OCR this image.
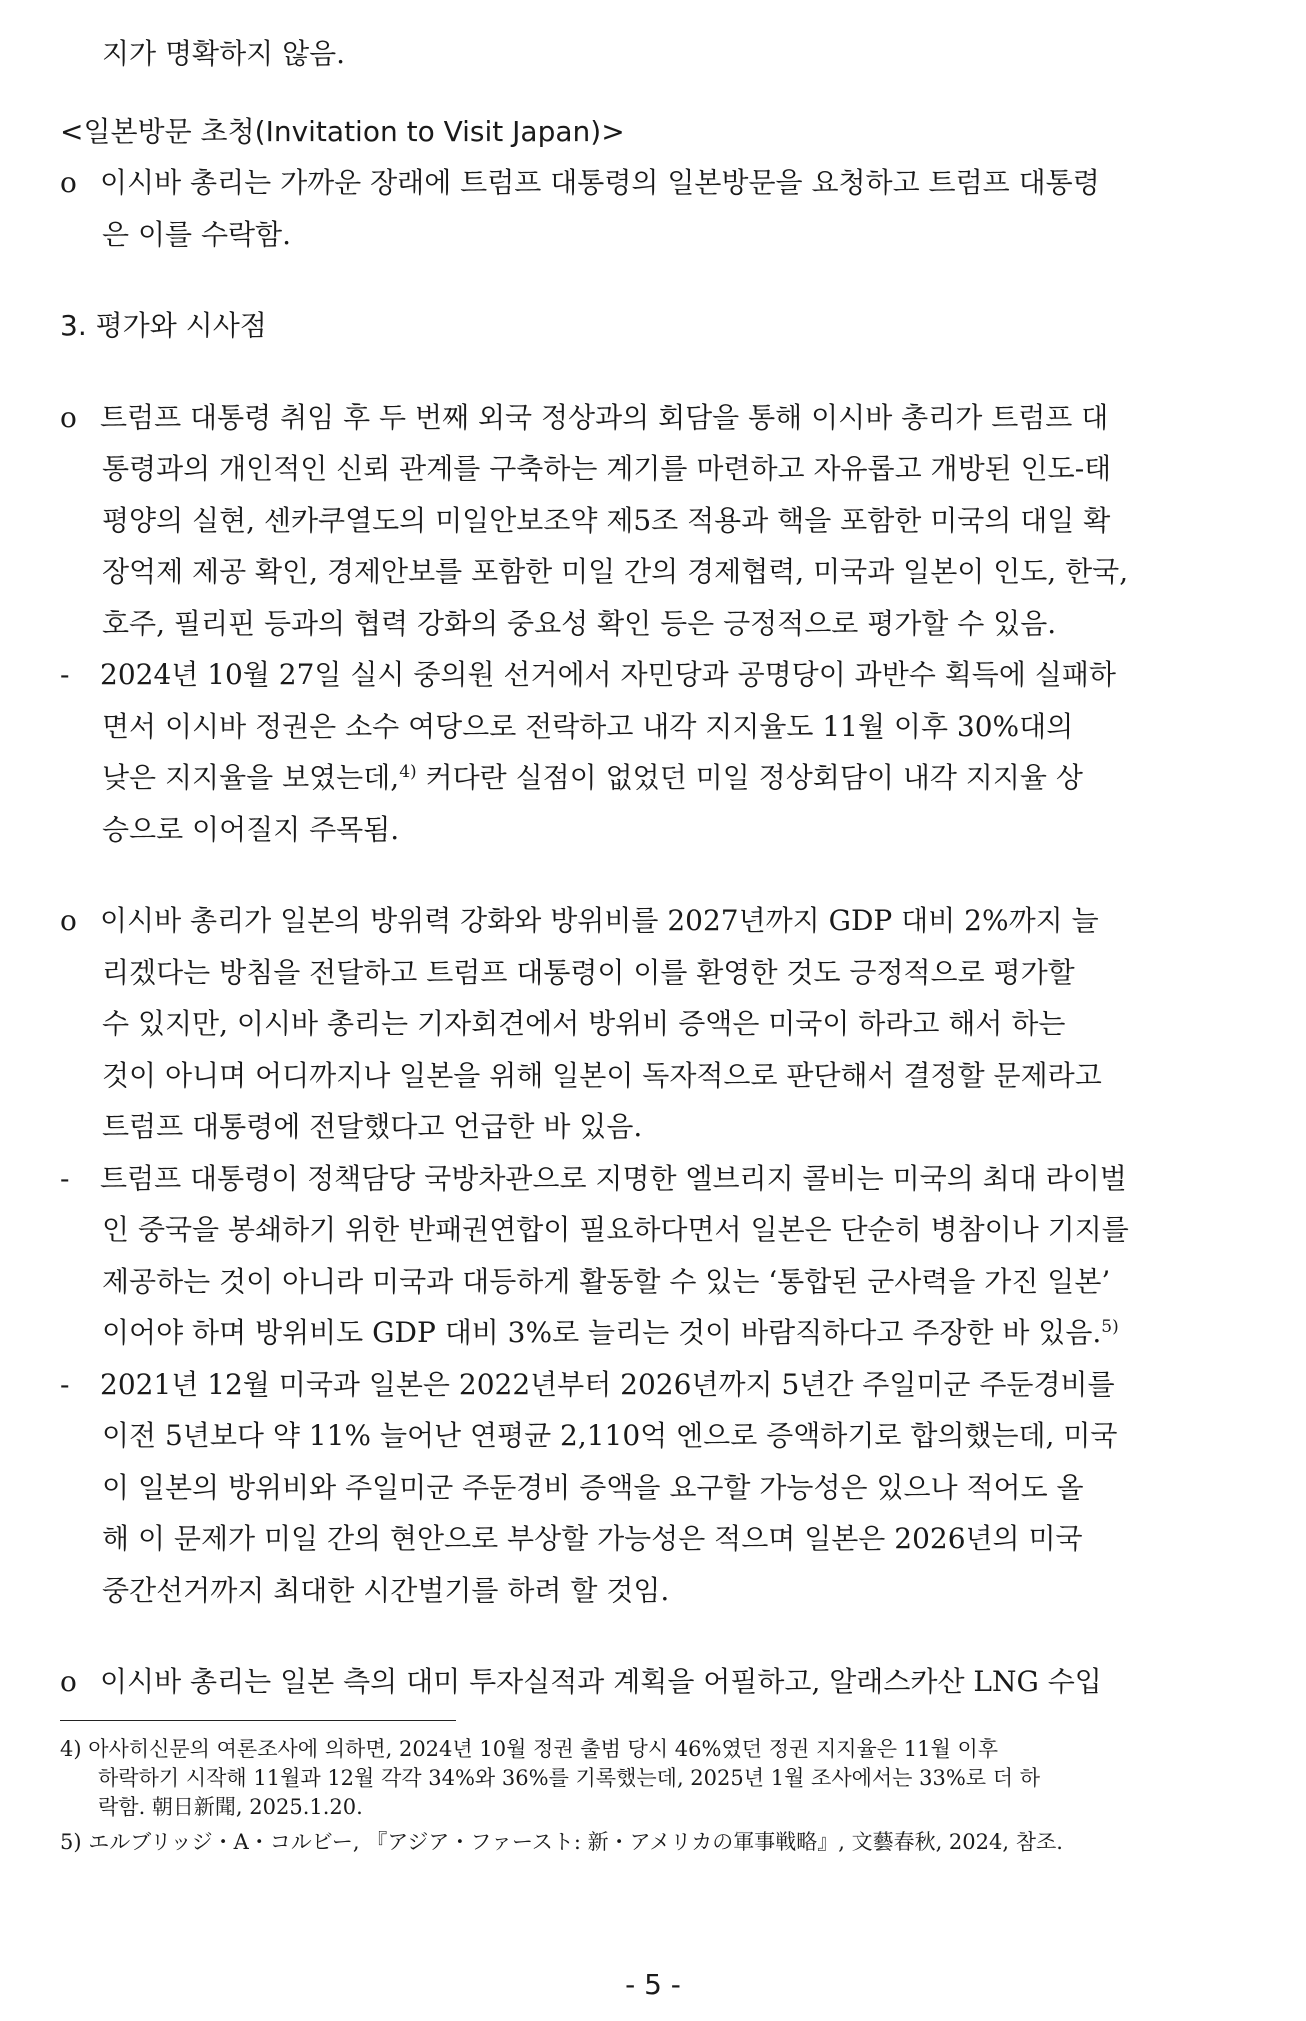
지가 명확하지 않음.
<일본방문 초청(Invitation to Visit Japan)>
o 이시바 총리는 가까운 장래에 트럼프 대통령의 일본방문을 요청하고 트럼프 대통령
은 이를 수락함.
3. 평가와 시사점
o 트럼프 대통령 취임 후 두 번째 외국 정상과의 회담을 통해 이시바 총리가 트럼프 대
통령과의 개인적인 신뢰 관계를 구축하는 계기를 마련하고 자유롭고 개방된 인도-태
평양의 실현, 센카쿠열도의 미일안보조약 제5조 적용과 핵을 포함한 미국의 대일 확
장억제 제공 확인, 경제안보를 포함한 미일 간의 경제협력, 미국과 일본이 인도, 한국,
호주, 필리핀 등과의 협력 강화의 중요성 확인 등은 긍정적으로 평가할 수 있음.
- 2024년 10월 27일 실시 중의원 선거에서 자민당과 공명당이 과반수 획득에 실패하
면서 이시바 정권은 소수 여당으로 전락하고 내각 지지율도 11월 이후 30%대의
낮은 지지율을 보였는데,$^{4)}$ 커다란 실점이 없었던 미일 정상회담이 내각 지지율 상
승으로 이어질지 주목됨.
o 이시바 총리가 일본의 방위력 강화와 방위비를 2027년까지 GDP 대비 2%까지 늘
리겠다는 방침을 전달하고 트럼프 대통령이 이를 환영한 것도 긍정적으로 평가할
수 있지만, 이시바 총리는 기자회견에서 방위비 증액은 미국이 하라고 해서 하는
것이 아니며 어디까지나 일본을 위해 일본이 독자적으로 판단해서 결정할 문제라고
트럼프 대통령에 전달했다고 언급한 바 있음.
- 트럼프 대통령이 정책담당 국방차관으로 지명한 엘브리지 콜비는 미국의 최대 라이벌
인 중국을 봉쇄하기 위한 반패권연합이 필요하다면서 일본은 단순히 병참이나 기지를
제공하는 것이 아니라 미국과 대등하게 활동할 수 있는 ‘통합된 군사력을 가진 일본’
이어야 하며 방위비도 GDP 대비 3%로 늘리는 것이 바람직하다고 주장한 바 있음.$^{5)}$
- 2021년 12월 미국과 일본은 2022년부터 2026년까지 5년간 주일미군 주둔경비를
이전 5년보다 약 11% 늘어난 연평균 2,110억 엔으로 증액하기로 합의했는데, 미국
이 일본의 방위비와 주일미군 주둔경비 증액을 요구할 가능성은 있으나 적어도 올
해 이 문제가 미일 간의 현안으로 부상할 가능성은 적으며 일본은 2026년의 미국
중간선거까지 최대한 시간벌기를 하려 할 것임.
o 이시바 총리는 일본 측의 대미 투자실적과 계획을 어필하고, 알래스카산 LNG 수입
4) 아사히신문의 여론조사에 의하면, 2024년 10월 정권 출범 당시 46%였던 정권 지지율은 11월 이후
하락하기 시작해 11월과 12월 각각 34%와 36%를 기록했는데, 2025년 1월 조사에서는 33%로 더 하
락함. 朝日新聞, 2025.1.20.
5) エルブリッジ・A・コルビー, 『アジア・ファースト: 新・アメリカの軍事戦略』, 文藝春秋, 2024, 참조.
- 5 -
